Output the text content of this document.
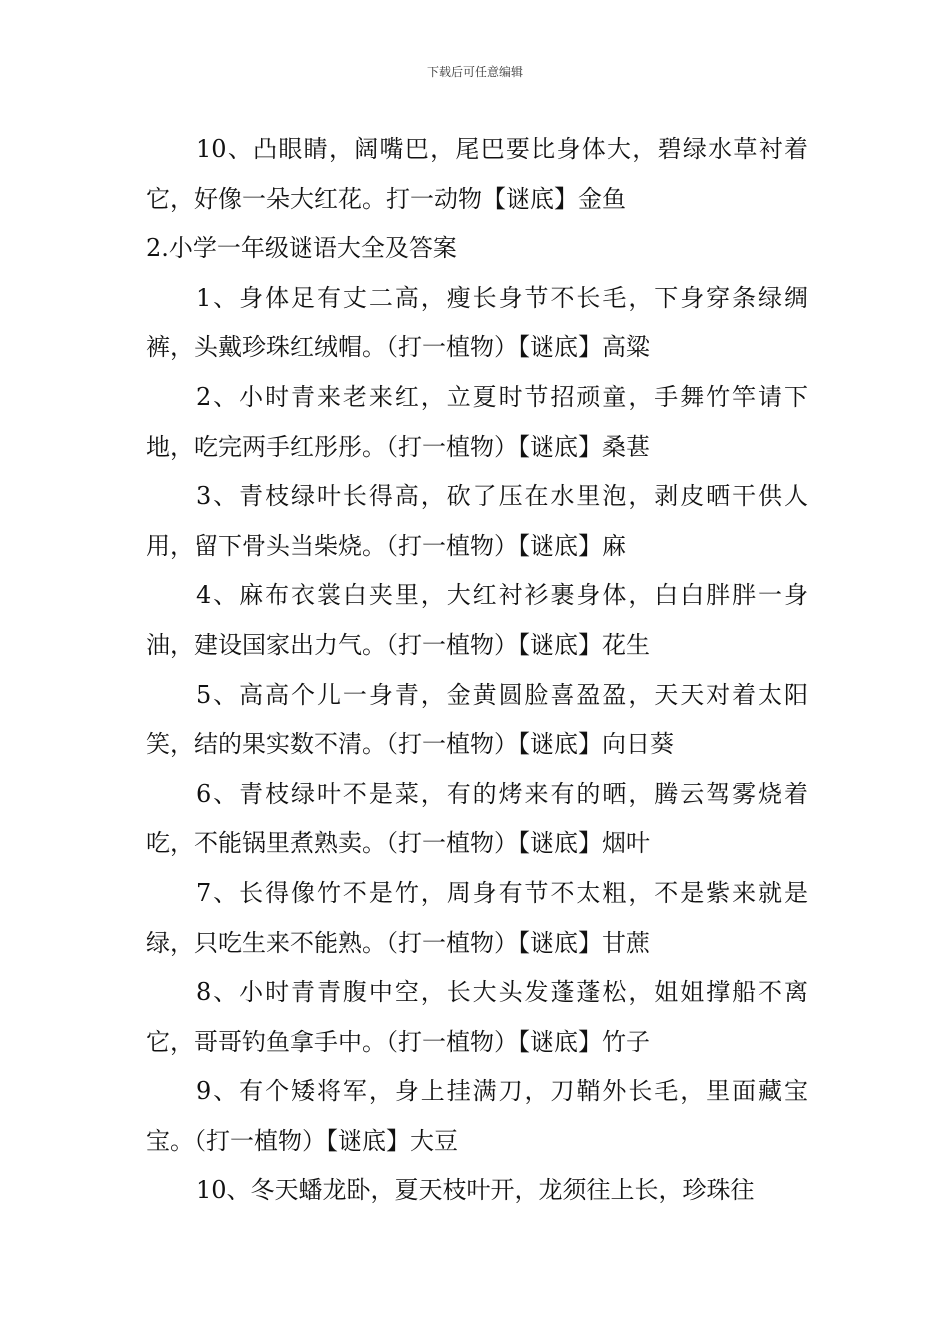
下载后可任意编辑

10、凸眼睛，阔嘴巴，尾巴要比身体大，碧绿水草衬着它，好像一朵大红花。打一动物【谜底】金鱼

2.小学一年级谜语大全及答案

1、身体足有丈二高，瘦长身节不长毛，下身穿条绿绸裤，头戴珍珠红绒帽。（打一植物）【谜底】高粱

2、小时青来老来红，立夏时节招顽童，手舞竹竿请下地，吃完两手红彤彤。（打一植物）【谜底】桑葚

3、青枝绿叶长得高，砍了压在水里泡，剥皮晒干供人用，留下骨头当柴烧。（打一植物）【谜底】麻

4、麻布衣裳白夹里，大红衬衫裹身体，白白胖胖一身油，建设国家出力气。（打一植物）【谜底】花生

5、高高个儿一身青，金黄圆脸喜盈盈，天天对着太阳笑，结的果实数不清。（打一植物）【谜底】向日葵

6、青枝绿叶不是菜，有的烤来有的晒，腾云驾雾烧着吃，不能锅里煮熟卖。（打一植物）【谜底】烟叶

7、长得像竹不是竹，周身有节不太粗，不是紫来就是绿，只吃生来不能熟。（打一植物）【谜底】甘蔗

8、小时青青腹中空，长大头发蓬蓬松，姐姐撑船不离它，哥哥钓鱼拿手中。（打一植物）【谜底】竹子

9、有个矮将军，身上挂满刀，刀鞘外长毛，里面藏宝宝。（打一植物）【谜底】大豆

10、冬天蟠龙卧，夏天枝叶开，龙须往上长，珍珠往
